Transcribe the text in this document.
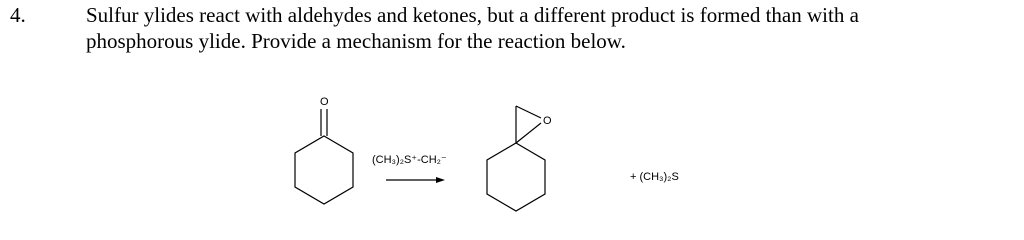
4.	Sulfur ylides react with aldehydes and ketones, but a different product is formed than with a
phosphorous ylide. Provide a mechanism for the reaction below.
O
(CH₃)₂S⁺-CH₂⁻
O
+ (CH₃)₂S
